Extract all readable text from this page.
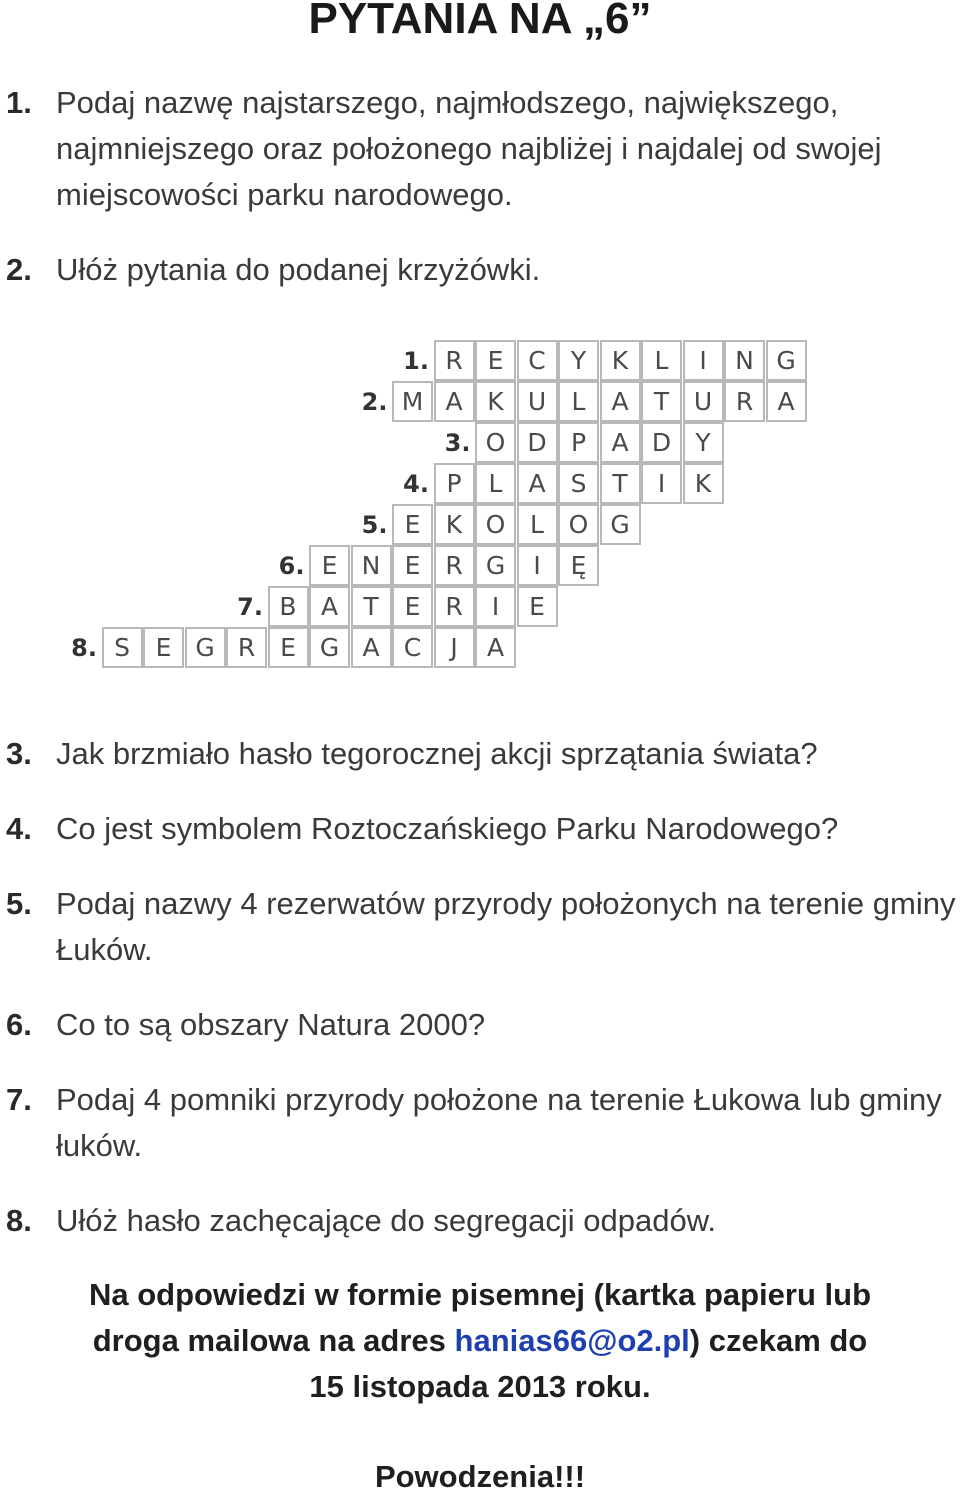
PYTANIA NA „6”
1. Podaj nazwę najstarszego, najmłodszego, największego, najmniejszego oraz położonego najbliżej i najdalej od swojej miejscowości parku narodowego.
2. Ułóż pytania do podanej krzyżówki.
1. R E C	Y	K	L	I	N G
2. M A K U	L	A	T U R A
3. O D P	A D Y
4. P	L	A	S	T	I	K
5. E	K O L O G
6. E N E R G	I	Ę
7. B A	T	E R	I	E
8. S	E G R E G A C	J	A
3. Jak brzmiało hasło tegorocznej akcji sprzątania świata?
4. Co jest symbolem Roztoczańskiego Parku Narodowego?
5. Podaj nazwy 4 rezerwatów przyrody położonych na terenie gminy Łuków.
6. Co to są obszary Natura 2000?
7. Podaj 4 pomniki przyrody położone na terenie Łukowa lub gminy łuków.
8. Ułóż hasło zachęcające do segregacji odpadów.

Na odpowiedzi w formie pisemnej (kartka papieru lub

droga mailowa na adres hanias66@o2.pl) czekam do

15 listopada 2013 roku.

Powodzenia!!!
